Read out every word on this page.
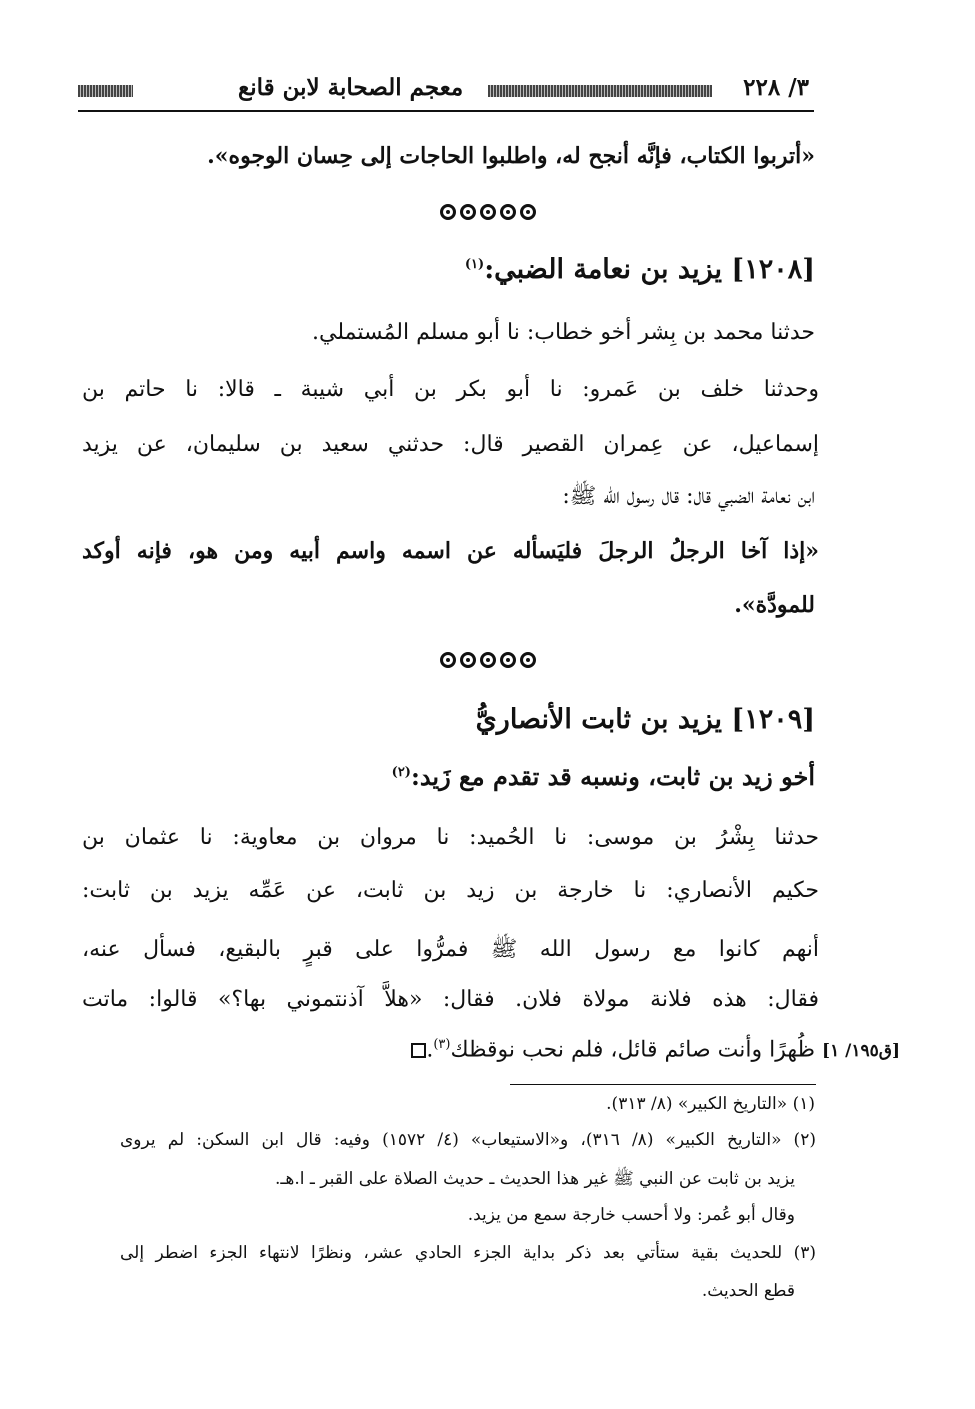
٣/ ٢٢٨
معجم الصحابة لابن قانع
«أتربوا الكتاب، فإنَّه أنجح له، واطلبوا الحاجات إلى حِسان الوجوه».
[١٢٠٨] يزيد بن نعامة الضبي:$^{(١)}$
حدثنا محمد بن بِشر أخو خطاب: نا أبو مسلم المُستملي.
وحدثنا خلف بن عَمرو: نا أبو بكر بن أبي شيبة ـ قالا: نا حاتم بن
إسماعيل، عن عِمران القصير قال: حدثني سعيد بن سليمان، عن يزيد
ابن نعامة الضبي قال: قال رسول الله ﷺ:
«إذا آخا الرجلُ الرجلَ فليَسأله عن اسمه واسم أبيه ومن هو، فإنه أوكد
للمودَّة».
[١٢٠٩] يزيد بن ثابت الأنصاريُّ
أخو زيد بن ثابت، ونسبه قد تقدم مع زَيد:$^{(٢)}$
حدثنا بِشْرُ بن موسى: نا الحُميد: نا مروان بن معاوية: نا عثمان بن
حكيم الأنصاري: نا خارجة بن زيد بن ثابت، عن عَمِّه يزيد بن ثابت:
أنهم كانوا مع رسول الله ﷺ فمرُّوا على قبرٍ بالبقيع، فسأل عنه،
فقال: هذه فلانة مولاة فلان. فقال: «هلاَّ آذنتموني بها؟» قالوا: ماتت
ظُهرًا وأنت صائم قائل، فلم نحب نوقظك$^{(٣)}$.	[ق١٩٥/ ١]
(١) «التاريخ الكبير» (٨/ ٣١٣).
(٢) «التاريخ الكبير» (٨/ ٣١٦)، و«الاستيعاب» (٤/ ١٥٧٢) وفيه: قال ابن السكن: لم يروى
يزيد بن ثابت عن النبي ﷺ غير هذا الحديث ـ حديث الصلاة على القبر ـ ا.هـ.
وقال أبو عُمر: ولا أحسب خارجة سمع من يزيد.
(٣) للحديث بقية ستأتي بعد ذكر بداية الجزء الحادي عشر، ونظرًا لانتهاء الجزء اضطر إلى
قطع الحديث.
